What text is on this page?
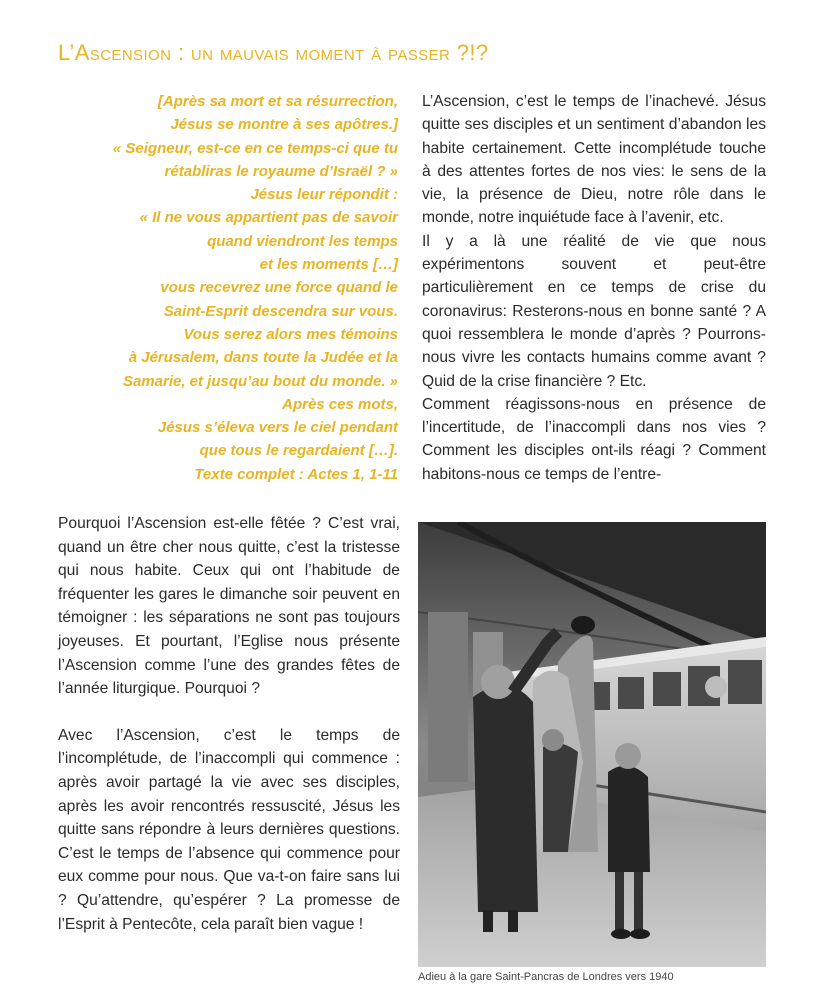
L’Ascension : un mauvais moment à passer ?!?
[Après sa mort et sa résurrection,
Jésus se montre à ses apôtres.]
« Seigneur, est-ce en ce temps-ci que tu
rétabliras le royaume d’Israël ? »
Jésus leur répondit :
« Il ne vous appartient pas de savoir
quand viendront les temps
et les moments […]
vous recevrez une force quand le
Saint-Esprit descendra sur vous.
Vous serez alors mes témoins
à Jérusalem, dans toute la Judée et la
Samarie, et jusqu’au bout du monde. »
Après ces mots,
Jésus s’éleva vers le ciel pendant
que tous le regardaient […].
Texte complet : Actes 1, 1-11

L’Ascension, c’est le temps de l’inachevé. Jésus quitte ses disciples et un sentiment d’abandon les habite certainement. Cette incomplétude touche à des attentes fortes de nos vies: le sens de la vie, la présence de Dieu, notre rôle dans le monde, notre inquiétude face à l’avenir, etc.

Il y a là une réalité de vie que nous expérimentons souvent et peut-être particulièrement en ce temps de crise du coronavirus: Resterons-nous en bonne santé ? A quoi ressemblera le monde d’après ? Pourrons-nous vivre les contacts humains comme avant ? Quid de la crise financière ? Etc.

Comment réagissons-nous en présence de l’incertitude, de l’inaccompli dans nos vies ? Comment les disciples ont-ils réagi ? Comment habitons-nous ce temps de l’entre-

Pourquoi l’Ascension est-elle fêtée ? C’est vrai, quand un être cher nous quitte, c’est la tristesse qui nous habite. Ceux qui ont l’habitude de fréquenter les gares le dimanche soir peuvent en témoigner : les séparations ne sont pas toujours joyeuses. Et pourtant, l’Eglise nous présente l’Ascension comme l’une des grandes fêtes de l’année liturgique. Pourquoi ?

Avec l’Ascension, c’est le temps de l’incomplétude, de l’inaccompli qui commence : après avoir partagé la vie avec ses disciples, après les avoir rencontrés ressuscité, Jésus les quitte sans répondre à leurs dernières questions. C’est le temps de l’absence qui commence pour eux comme pour nous. Que va-t-on faire sans lui ? Qu’attendre, qu’espérer ? La promesse de l’Esprit à Pentecôte, cela paraît bien vague !

Adieu à la gare Saint-Pancras de Londres vers 1940
